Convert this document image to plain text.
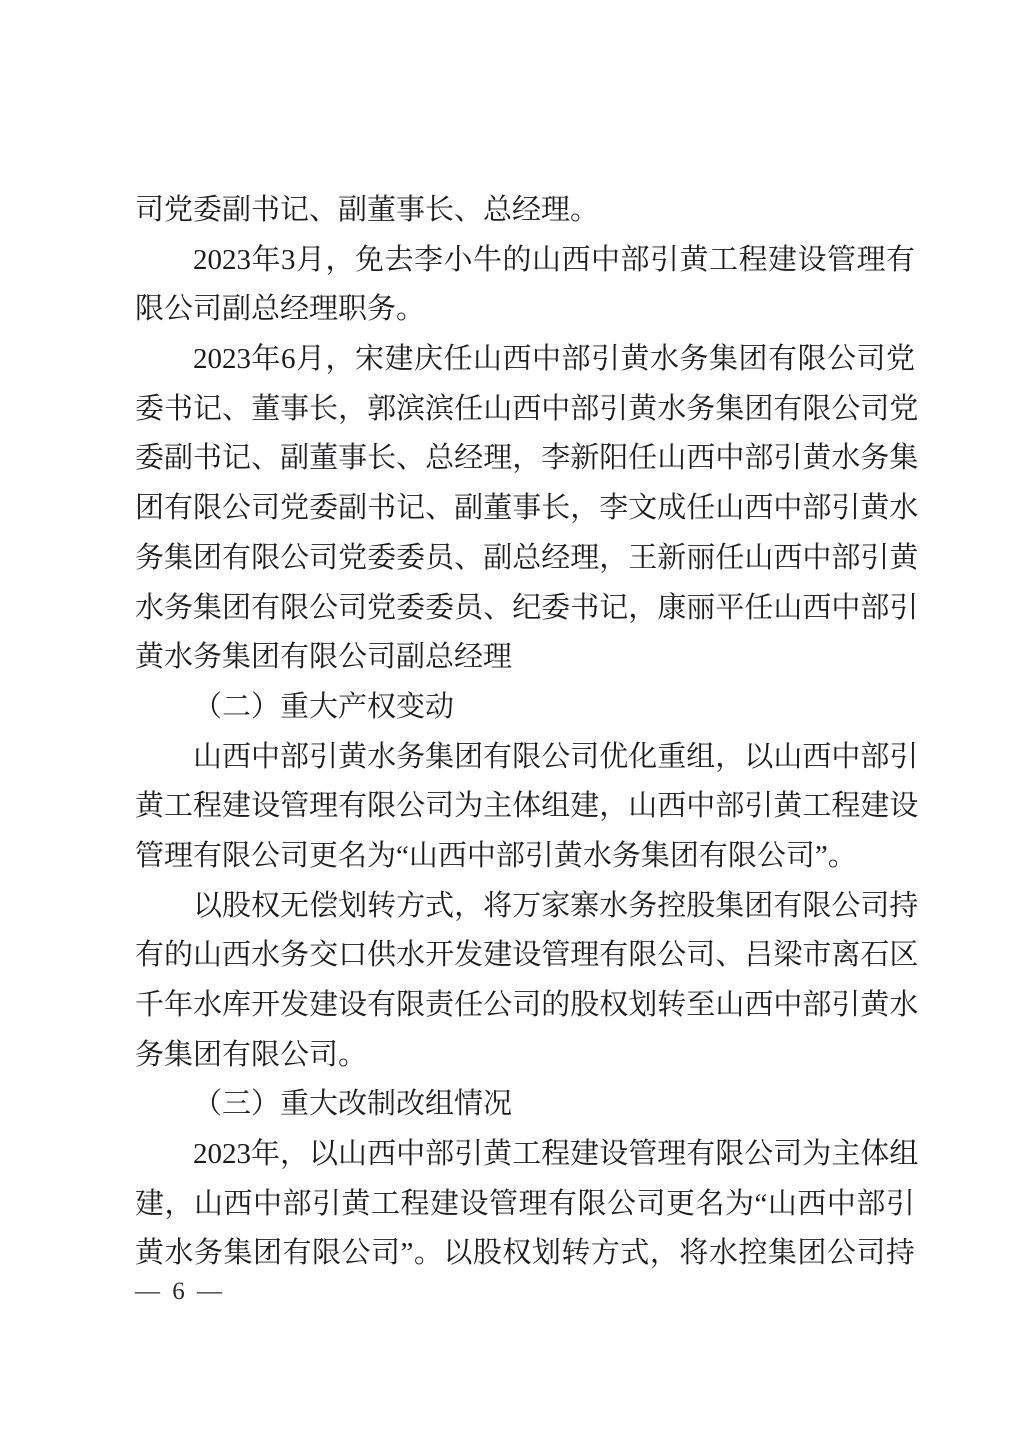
司党委副书记、副董事长、总经理。
2023 年 3 月 ， 免 去 李 小 牛 的 山 西 中 部 引 黄 工 程 建 设 管 理 有
限公司副总经理职务。
2023 年 6 月 ， 宋 建 庆 任 山 西 中 部 引 黄 水 务 集 团 有 限 公 司 党
委 书 记 、 董 事 长 ， 郭 滨 滨 任 山 西 中 部 引 黄 水 务 集 团 有 限 公 司 党
委 副 书 记 、 副 董 事 长 、 总 经 理 ， 李 新 阳 任 山 西 中 部 引 黄 水 务 集
团 有 限 公 司 党 委 副 书 记 、 副 董 事 长 ， 李 文 成 任 山 西 中 部 引 黄 水
务 集 团 有 限 公 司 党 委 委 员 、 副 总 经 理 ， 王 新 丽 任 山 西 中 部 引 黄
水 务 集 团 有 限 公 司 党 委 委 员 、 纪 委 书 记 ， 康 丽 平 任 山 西 中 部 引
黄水务集团有限公司副总经理
（二）重大产权变动
山 西 中 部 引 黄 水 务 集 团 有 限 公 司 优 化 重 组 ， 以 山 西 中 部 引
黄 工 程 建 设 管 理 有 限 公 司 为 主 体 组 建 ， 山 西 中 部 引 黄 工 程 建 设
管理有限公司更名为“山西中部引黄水务集团有限公司”。
以 股 权 无 偿 划 转 方 式 ， 将 万 家 寨 水 务 控 股 集 团 有 限 公 司 持
有 的 山 西 水 务 交 口 供 水 开 发 建 设 管 理 有 限 公 司 、 吕 梁 市 离 石 区
千 年 水 库 开 发 建 设 有 限 责 任 公 司 的 股 权 划 转 至 山 西 中 部 引 黄 水
务集团有限公司。
（三）重大改制改组情况
2023 年 ， 以 山 西 中 部 引 黄 工 程 建 设 管 理 有 限 公 司 为 主 体 组
建 ， 山 西 中 部 引 黄 工 程 建 设 管 理 有 限 公 司 更 名 为 “ 山 西 中 部 引
黄 水 务 集 团 有 限 公 司 ” 。 以 股 权 划 转 方 式 ， 将 水 控 集 团 公 司 持
— 6 —
